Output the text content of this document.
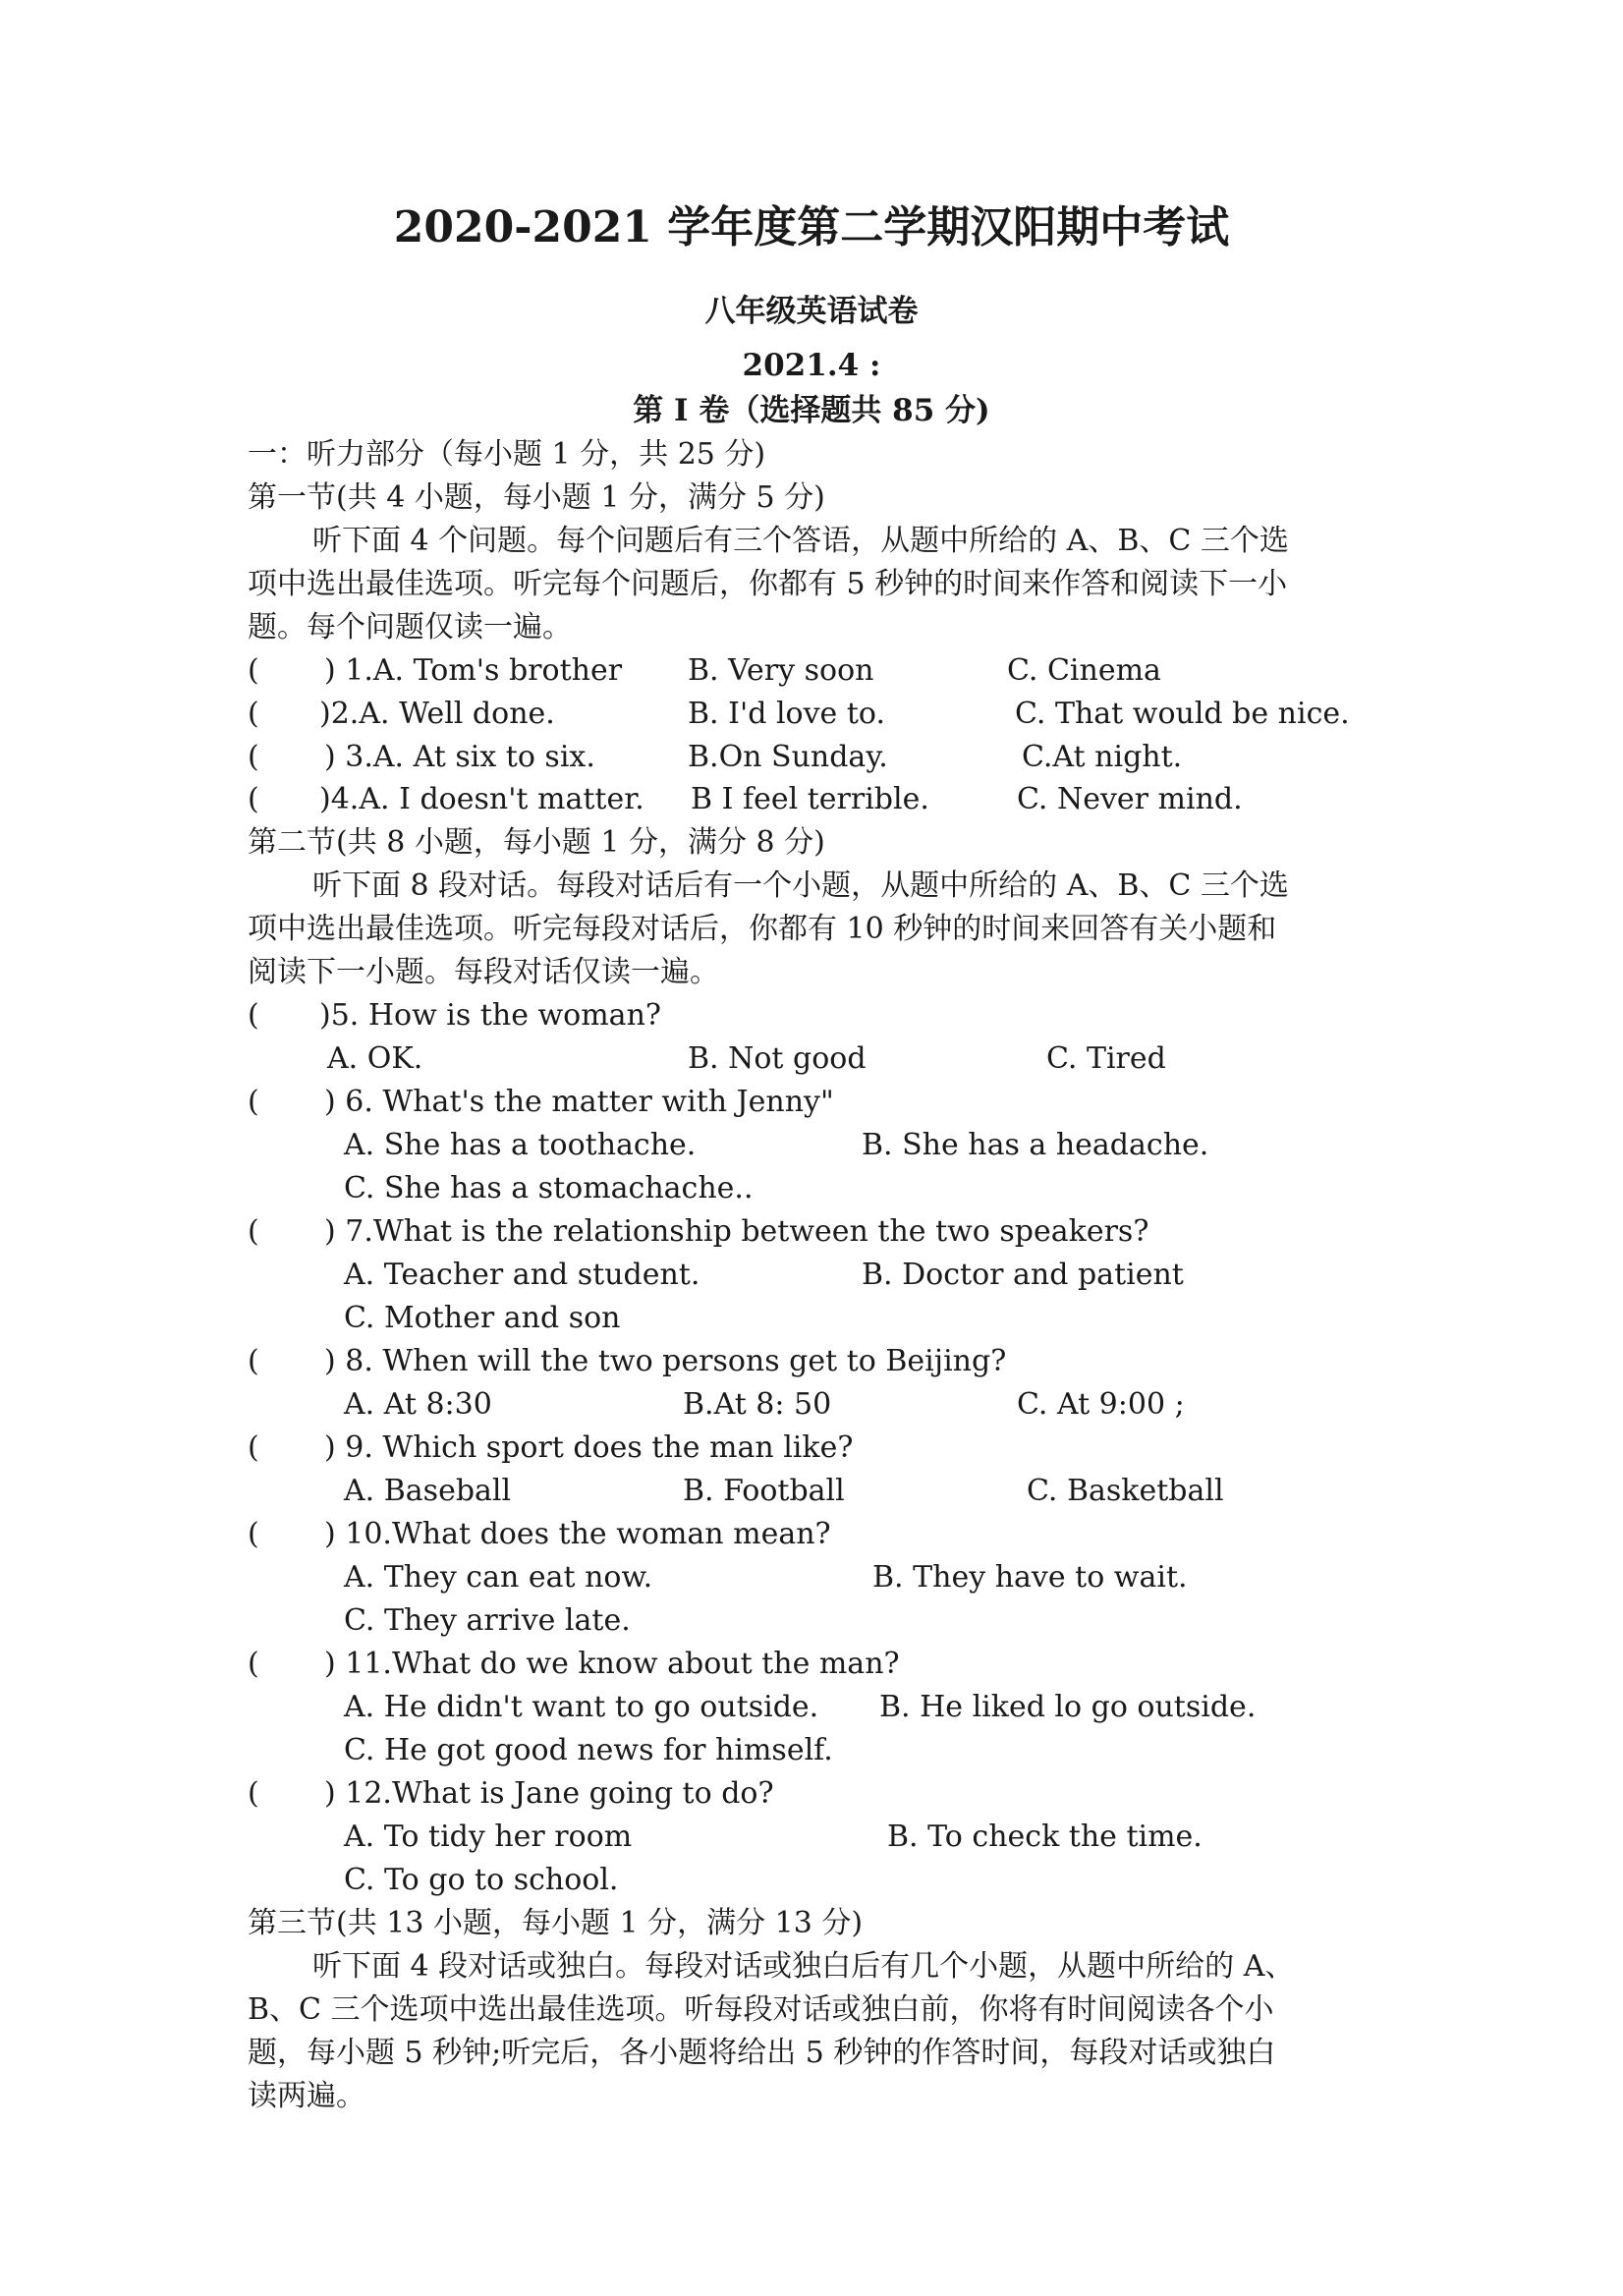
2020-2021 学年度第二学期汉阳期中考试
八年级英语试卷
2021.4 :
第 I 卷（选择题共 85 分)
一：听力部分（每小题 1 分，共 25 分)
第一节(共 4 小题，每小题 1 分，满分 5 分)
听下面 4 个问题。每个问题后有三个答语，从题中所给的 A、B、C 三个选
项中选出最佳选项。听完每个问题后，你都有 5 秒钟的时间来作答和阅读下一小
题。每个问题仅读一遍。
( ) 1.A. Tom's brother B. Very soon	C. Cinema
( )2.A. Well done.	B. I'd love to.	C. That would be nice.
( ) 3.A. At six to six.	B.On Sunday.	C.At night.
( )4.A. I doesn't matter. B I feel terrible.	C. Never mind.
第二节(共 8 小题，每小题 1 分，满分 8 分)
听下面 8 段对话。每段对话后有一个小题，从题中所给的 A、B、C 三个选
项中选出最佳选项。听完每段对话后，你都有 10 秒钟的时间来回答有关小题和
阅读下一小题。每段对话仅读一遍。
( )5. How is the woman?
A. OK.	B. Not good	C. Tired
( ) 6. What's the matter with Jenny"
A. She has a toothache.	B. She has a headache.
C. She has a stomachache..
( ) 7.What is the relationship between the two speakers?
A. Teacher and student.	B. Doctor and patient
C. Mother and son
( ) 8. When will the two persons get to Beijing?
A. At 8:30	B.At 8: 50	C. At 9:00 ;
( ) 9. Which sport does the man like?
A. Baseball	B. Football	C. Basketball
( ) 10.What does the woman mean?
A. They can eat now.	B. They have to wait.
C. They arrive late.
( ) 11.What do we know about the man?
A. He didn't want to go outside. B. He liked lo go outside.
C. He got good news for himself.
( ) 12.What is Jane going to do?
A. To tidy her room	B. To check the time.
C. To go to school.
第三节(共 13 小题，每小题 1 分，满分 13 分)
听下面 4 段对话或独白。每段对话或独白后有几个小题，从题中所给的 A、
B、C 三个选项中选出最佳选项。听每段对话或独白前，你将有时间阅读各个小
题，每小题 5 秒钟;听完后，各小题将给出 5 秒钟的作答时间，每段对话或独白
读两遍。
